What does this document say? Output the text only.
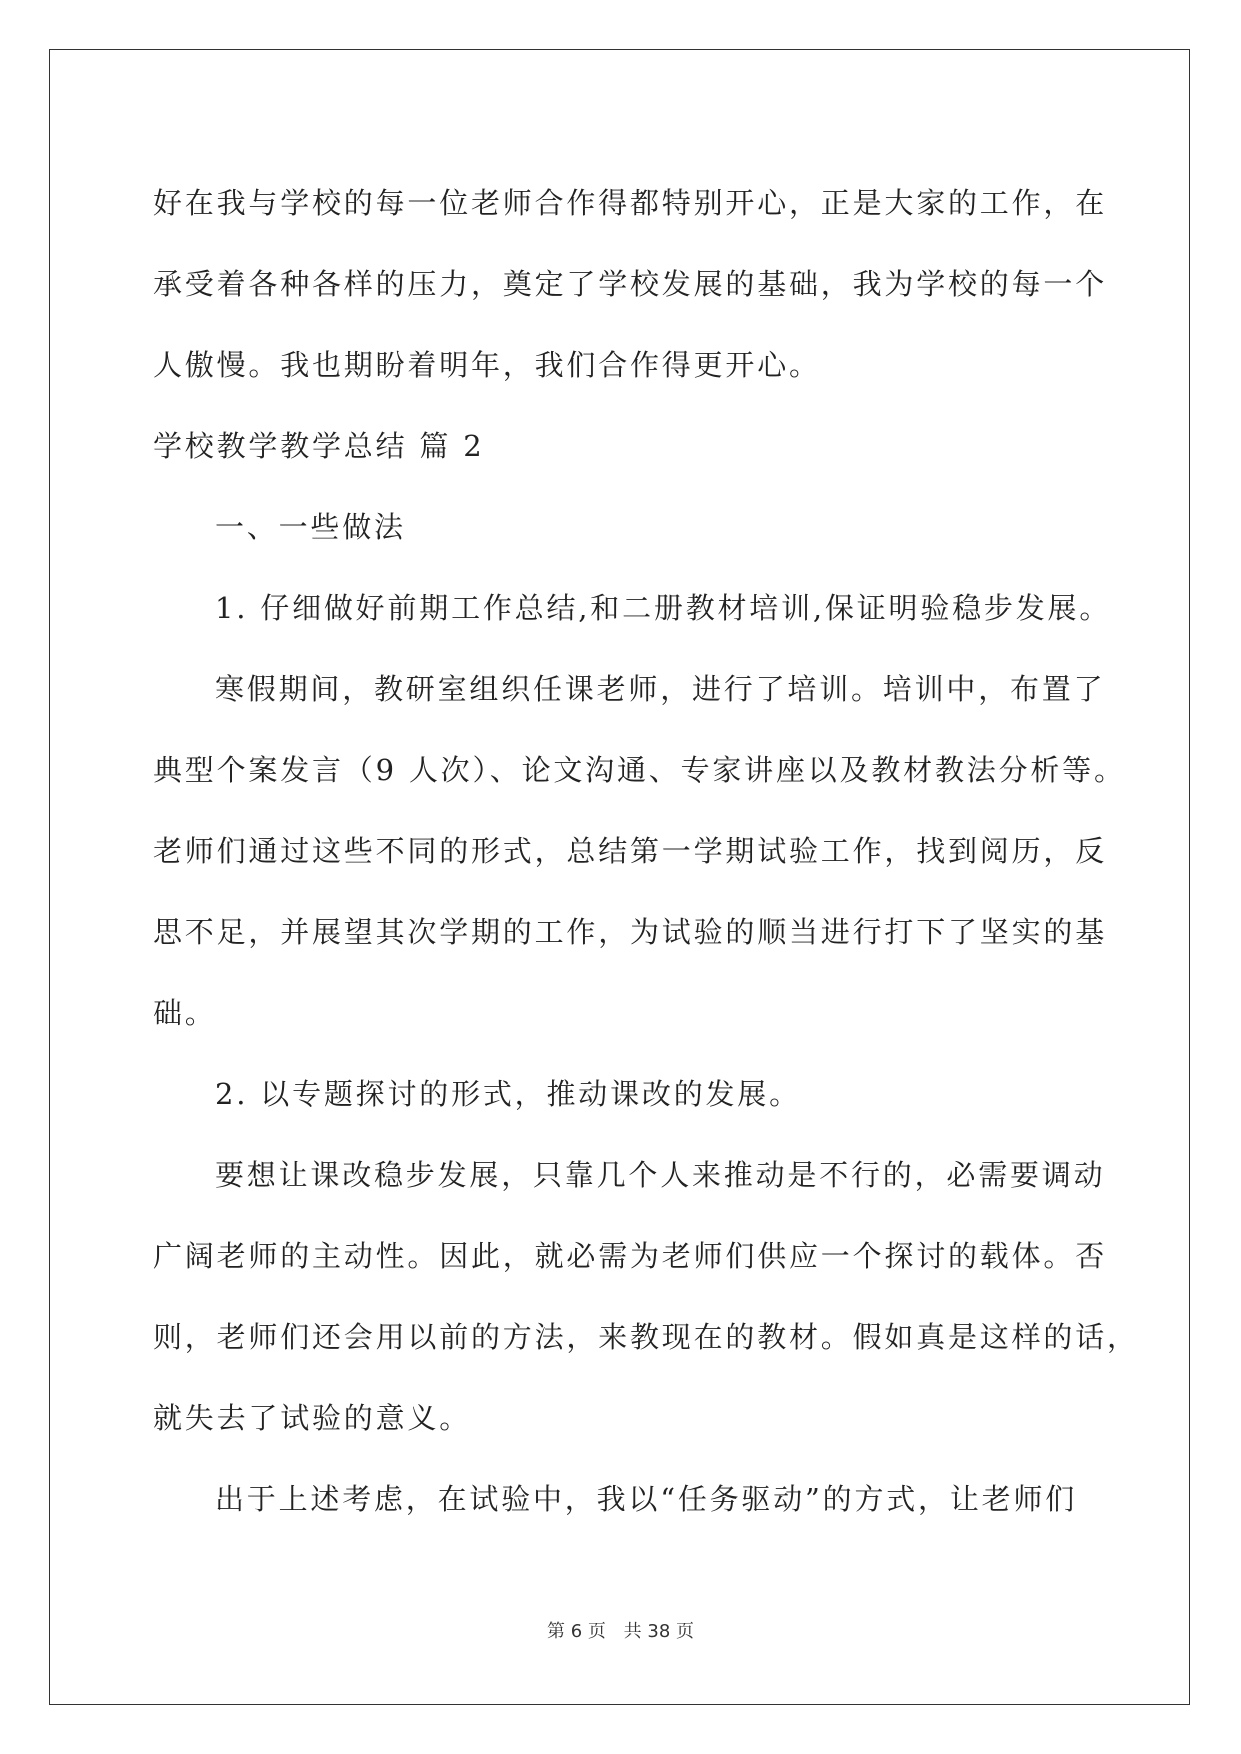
好在我与学校的每一位老师合作得都特别开心，正是大家的工作，在
承受着各种各样的压力，奠定了学校发展的基础，我为学校的每一个
人傲慢。我也期盼着明年，我们合作得更开心。
学校教学教学总结 篇 2
一、一些做法
1. 仔细做好前期工作总结,和二册教材培训,保证明验稳步发展。
寒假期间，教研室组织任课老师，进行了培训。培训中，布置了
典型个案发言（9 人次）、论文沟通、专家讲座以及教材教法分析等。
老师们通过这些不同的形式，总结第一学期试验工作，找到阅历，反
思不足，并展望其次学期的工作，为试验的顺当进行打下了坚实的基
础。
2. 以专题探讨的形式，推动课改的发展。
要想让课改稳步发展，只靠几个人来推动是不行的，必需要调动
广阔老师的主动性。因此，就必需为老师们供应一个探讨的载体。否
则，老师们还会用以前的方法，来教现在的教材。假如真是这样的话，
就失去了试验的意义。
出于上述考虑，在试验中，我以“任务驱动”的方式，让老师们
第 6 页 共 38 页
